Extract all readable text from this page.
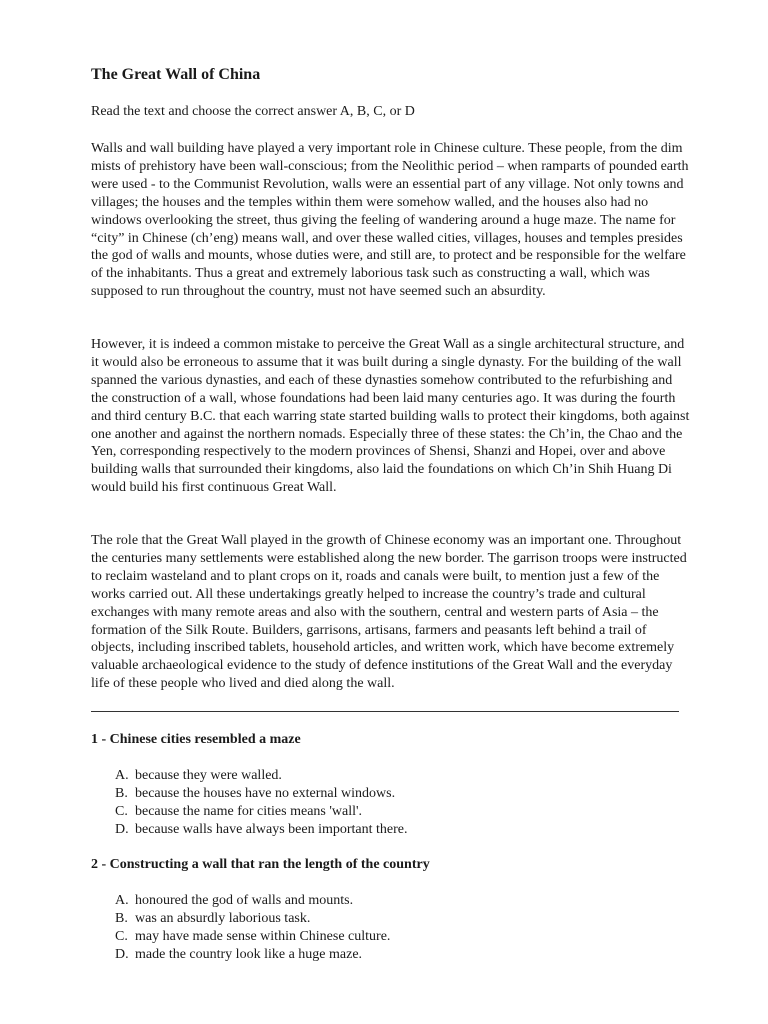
The Great Wall of China
Read the text and choose the correct answer A, B, C, or D

Walls and wall building have played a very important role in Chinese culture. These people, from the dim mists of prehistory have been wall-conscious; from the Neolithic period – when ramparts of pounded earth were used - to the Communist Revolution, walls were an essential part of any village. Not only towns and villages; the houses and the temples within them were somehow walled, and the houses also had no windows overlooking the street, thus giving the feeling of wandering around a huge maze. The name for “city” in Chinese (ch’eng) means wall, and over these walled cities, villages, houses and temples presides the god of walls and mounts, whose duties were, and still are, to protect and be responsible for the welfare of the inhabitants. Thus a great and extremely laborious task such as constructing a wall, which was supposed to run throughout the country, must not have seemed such an absurdity.

However, it is indeed a common mistake to perceive the Great Wall as a single architectural structure, and it would also be erroneous to assume that it was built during a single dynasty. For the building of the wall spanned the various dynasties, and each of these dynasties somehow contributed to the refurbishing and the construction of a wall, whose foundations had been laid many centuries ago. It was during the fourth and third century B.C. that each warring state started building walls to protect their kingdoms, both against one another and against the northern nomads. Especially three of these states: the Ch’in, the Chao and the Yen, corresponding respectively to the modern provinces of Shensi, Shanzi and Hopei, over and above building walls that surrounded their kingdoms, also laid the foundations on which Ch’in Shih Huang Di would build his first continuous Great Wall.

The role that the Great Wall played in the growth of Chinese economy was an important one. Throughout the centuries many settlements were established along the new border. The garrison troops were instructed to reclaim wasteland and to plant crops on it, roads and canals were built, to mention just a few of the works carried out. All these undertakings greatly helped to increase the country’s trade and cultural exchanges with many remote areas and also with the southern, central and western parts of Asia – the formation of the Silk Route. Builders, garrisons, artisans, farmers and peasants left behind a trail of objects, including inscribed tablets, household articles, and written work, which have become extremely valuable archaeological evidence to the study of defence institutions of the Great Wall and the everyday life of these people who lived and died along the wall.

1 - Chinese cities resembled a maze
A. because they were walled.
B. because the houses have no external windows.
C. because the name for cities means 'wall'.
D. because walls have always been important there.
2 - Constructing a wall that ran the length of the country
A. honoured the god of walls and mounts.
B. was an absurdly laborious task.
C. may have made sense within Chinese culture.
D. made the country look like a huge maze.
